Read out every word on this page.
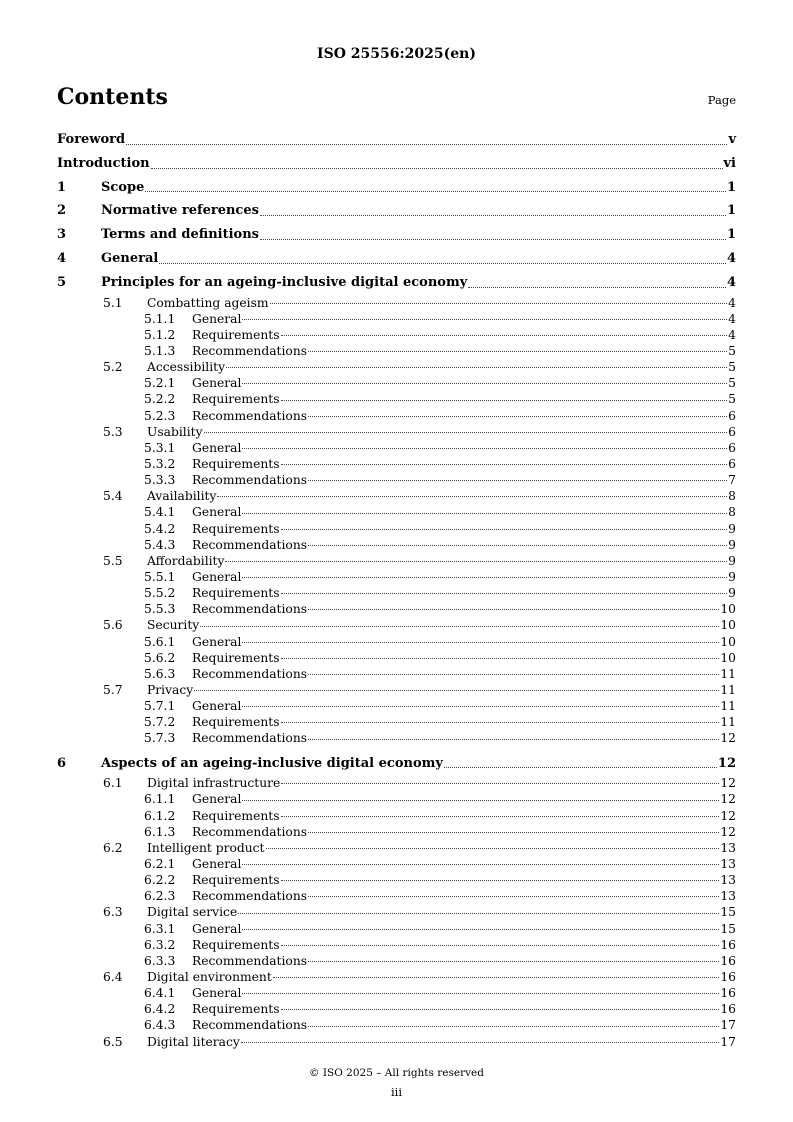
ISO 25556:2025(en)
Contents	Page
Foreword	v
Introduction	vi
1	Scope	1
2	Normative references	1
3	Terms and definitions	1
4	General	4
5	Principles for an ageing-inclusive digital economy	4
5.1	Combatting ageism	4
5.1.1	General	4
5.1.2	Requirements	4
5.1.3	Recommendations	5
5.2	Accessibility	5
5.2.1	General	5
5.2.2	Requirements	5
5.2.3	Recommendations	6
5.3	Usability	6
5.3.1	General	6
5.3.2	Requirements	6
5.3.3	Recommendations	7
5.4	Availability	8
5.4.1	General	8
5.4.2	Requirements	9
5.4.3	Recommendations	9
5.5	Affordability	9
5.5.1	General	9
5.5.2	Requirements	9
5.5.3	Recommendations	10
5.6	Security	10
5.6.1	General	10
5.6.2	Requirements	10
5.6.3	Recommendations	11
5.7	Privacy	11
5.7.1	General	11
5.7.2	Requirements	11
5.7.3	Recommendations	12
6	Aspects of an ageing-inclusive digital economy	12
6.1	Digital infrastructure	12
6.1.1	General	12
6.1.2	Requirements	12
6.1.3	Recommendations	12
6.2	Intelligent product	13
6.2.1	General	13
6.2.2	Requirements	13
6.2.3	Recommendations	13
6.3	Digital service	15
6.3.1	General	15
6.3.2	Requirements	16
6.3.3	Recommendations	16
6.4	Digital environment	16
6.4.1	General	16
6.4.2	Requirements	16
6.4.3	Recommendations	17
6.5	Digital literacy	17
© ISO 2025 – All rights reserved
iii
